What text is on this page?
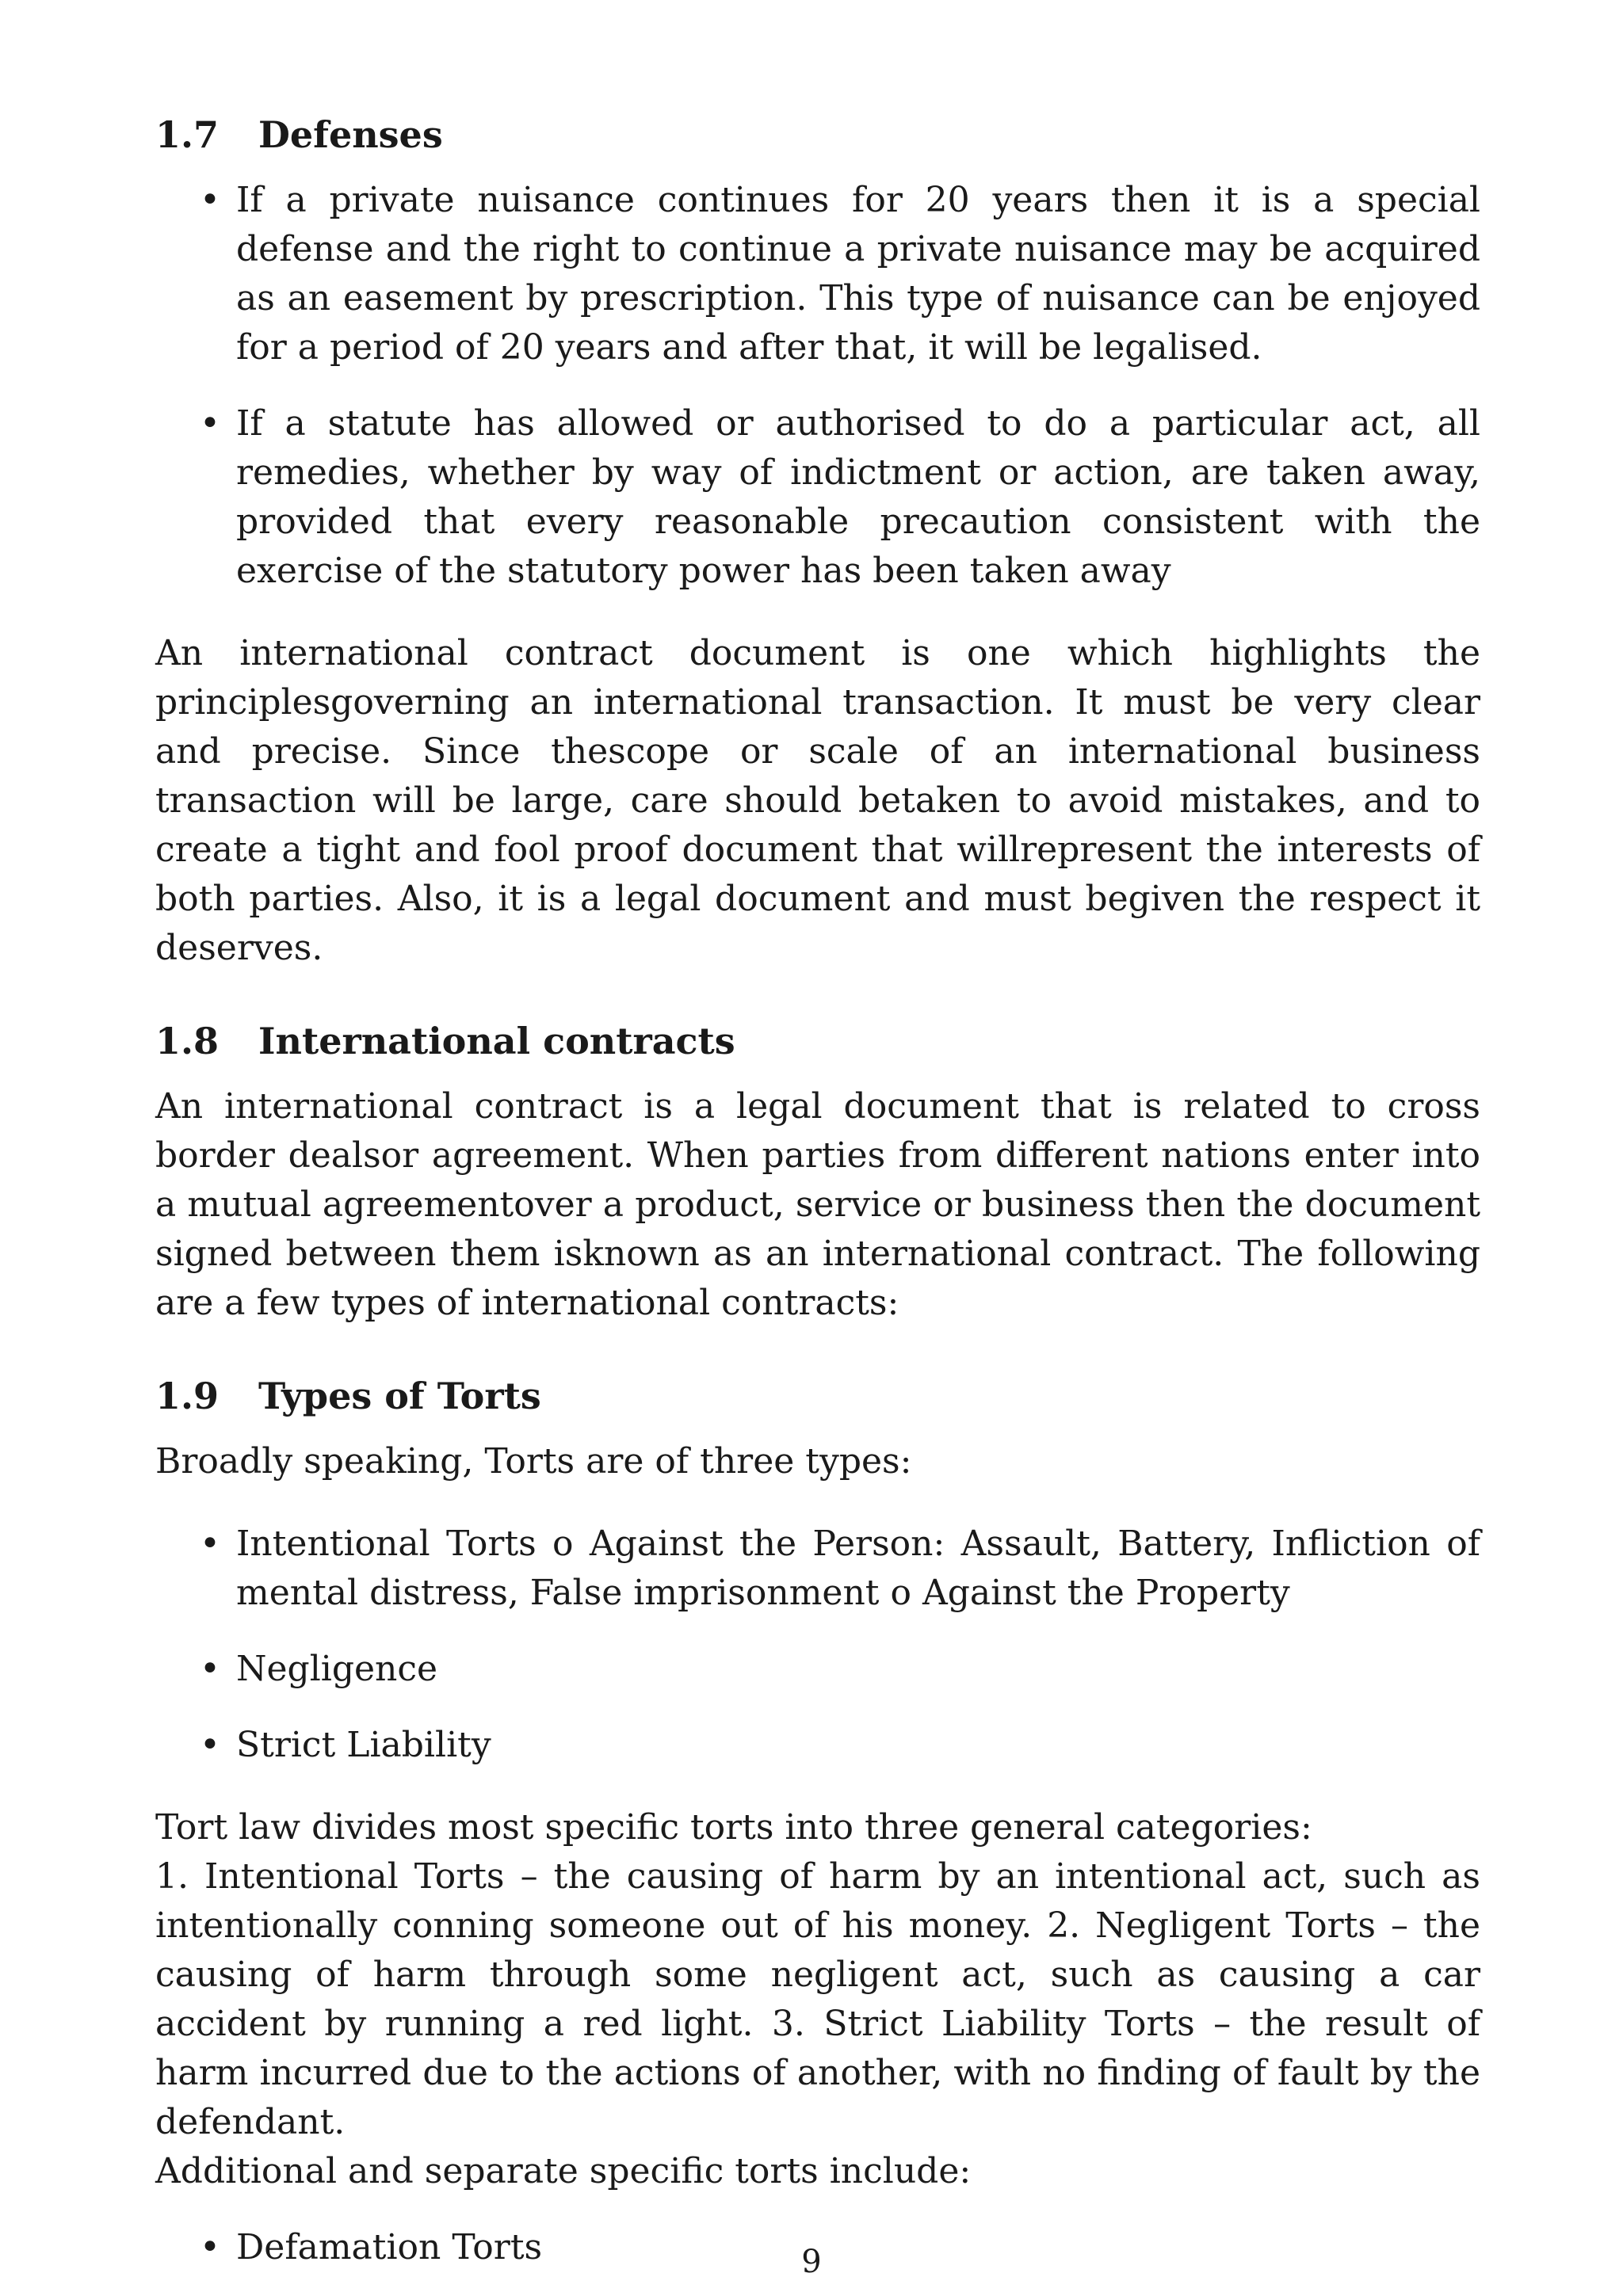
1.7	Defenses
• If a private nuisance continues for 20 years then it is a special defense and the right to continue a private nuisance may be acquired as an easement by prescription. This type of nuisance can be enjoyed for a period of 20 years and after that, it will be legalised.
• If a statute has allowed or authorised to do a particular act, all remedies, whether by way of indictment or action, are taken away, provided that every reasonable precaution consistent with the exercise of the statutory power has been taken away

An international contract document is one which highlights the principlesgoverning an international transaction. It must be very clear and precise. Since thescope or scale of an international business transaction will be large, care should betaken to avoid mistakes, and to create a tight and fool proof document that willrepresent the interests of both parties. Also, it is a legal document and must begiven the respect it deserves.

1.8	International contracts

An international contract is a legal document that is related to cross border dealsor agreement. When parties from different nations enter into a mutual agreementover a product, service or business then the document signed between them isknown as an international contract. The following are a few types of international contracts:

1.9	Types of Torts

Broadly speaking, Torts are of three types:

• Intentional Torts o Against the Person: Assault, Battery, Infliction of mental distress, False imprisonment o Against the Property
• Negligence
• Strict Liability

Tort law divides most specific torts into three general categories:

1. Intentional Torts – the causing of harm by an intentional act, such as intentionally conning someone out of his money. 2. Negligent Torts – the causing of harm through some negligent act, such as causing a car accident by running a red light. 3. Strict Liability Torts – the result of harm incurred due to the actions of another, with no finding of fault by the defendant.

Additional and separate specific torts include:

• Defamation Torts	9
